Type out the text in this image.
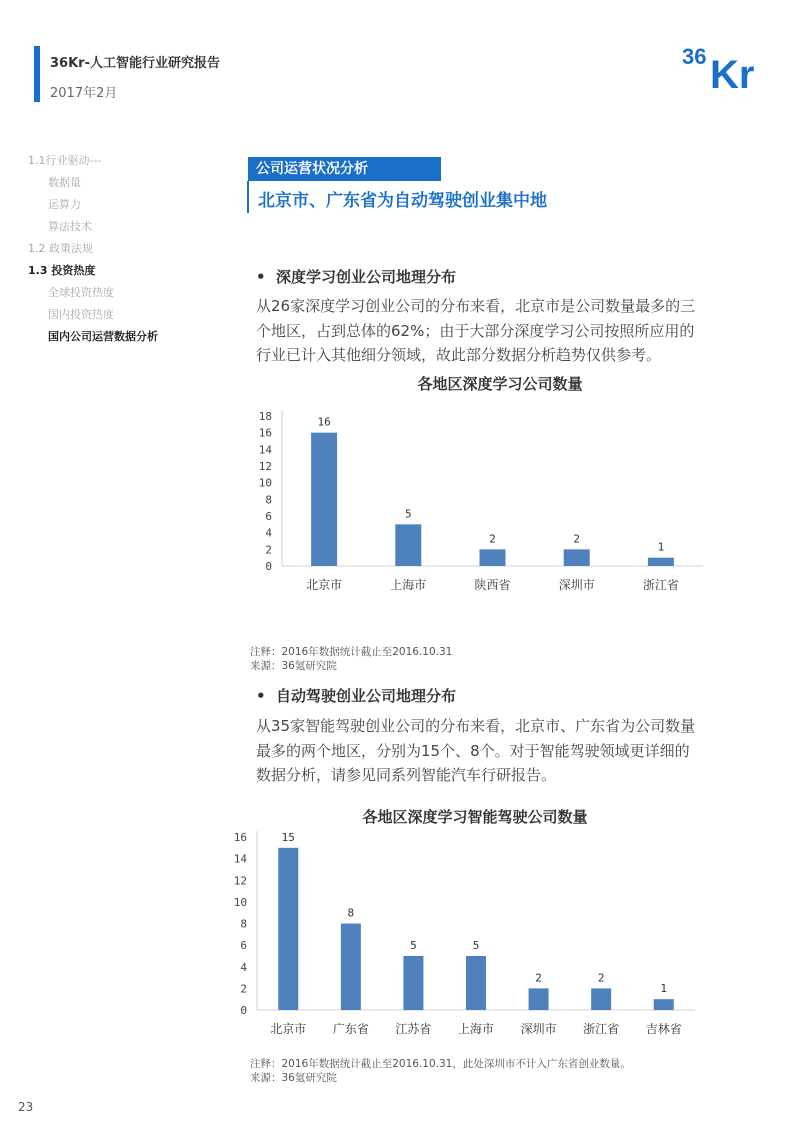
36Kr-人工智能行业研究报告
2017年2月
36 Kr
1.1行业驱动---
数据量
运算力
算法技术
1.2 政策法规
1.3 投资热度
全球投资热度
国内投资热度
国内公司运营数据分析
公司运营状况分析
北京市、广东省为自动驾驶创业集中地
•  深度学习创业公司地理分布
从26家深度学习创业公司的分布来看，北京市是公司数量最多的三
个地区，占到总体的62%；由于大部分深度学习公司按照所应用的
行业已计入其他细分领域，故此部分数据分析趋势仅供参考。
各地区深度学习公司数量
0
2
4
6
8
10
12
14
16
18	16
北京市
5
上海市
2
陕西省
2
深圳市
1
浙江省
注释：2016年数据统计截止至2016.10.31
来源：36氪研究院
•  自动驾驶创业公司地理分布
从35家智能驾驶创业公司的分布来看，北京市、广东省为公司数量
最多的两个地区，分别为15个、8个。对于智能驾驶领域更详细的
数据分析，请参见同系列智能汽车行研报告。
各地区深度学习智能驾驶公司数量
0
2
4
6
8
10
12
14
16	15
北京市
8
广东省
5
江苏省
5
上海市
2
深圳市
2
浙江省
1
吉林省
注释：2016年数据统计截止至2016.10.31，此处深圳市不计入广东省创业数量。
来源：36氪研究院
23
